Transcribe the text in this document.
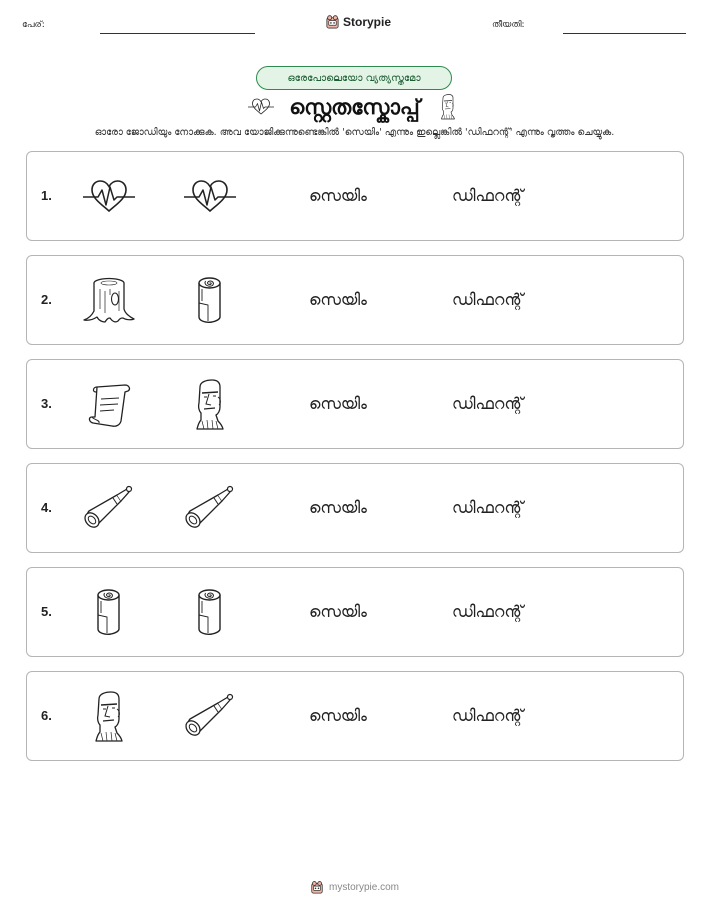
പേര്:	Storypie	തീയതി:
ഒരേപോലെയോ വ്യത്യസ്തമോ
സ്റ്റെതസ്കോപ്പ്
ഓരോ ജോഡിയും നോക്കുക. അവ യോജിക്കുന്നുണ്ടെങ്കിൽ 'സെയിം' എന്നും ഇല്ലെങ്കിൽ 'ഡിഫറന്റ്' എന്നും വൃത്തം ചെയ്യുക.
1.	സെയിം	ഡിഫറന്റ്
2.	സെയിം	ഡിഫറന്റ്
3.	സെയിം	ഡിഫറന്റ്
4.	സെയിം	ഡിഫറന്റ്
5.	സെയിം	ഡിഫറന്റ്
6.	സെയിം	ഡിഫറന്റ്
mystorypie.com
